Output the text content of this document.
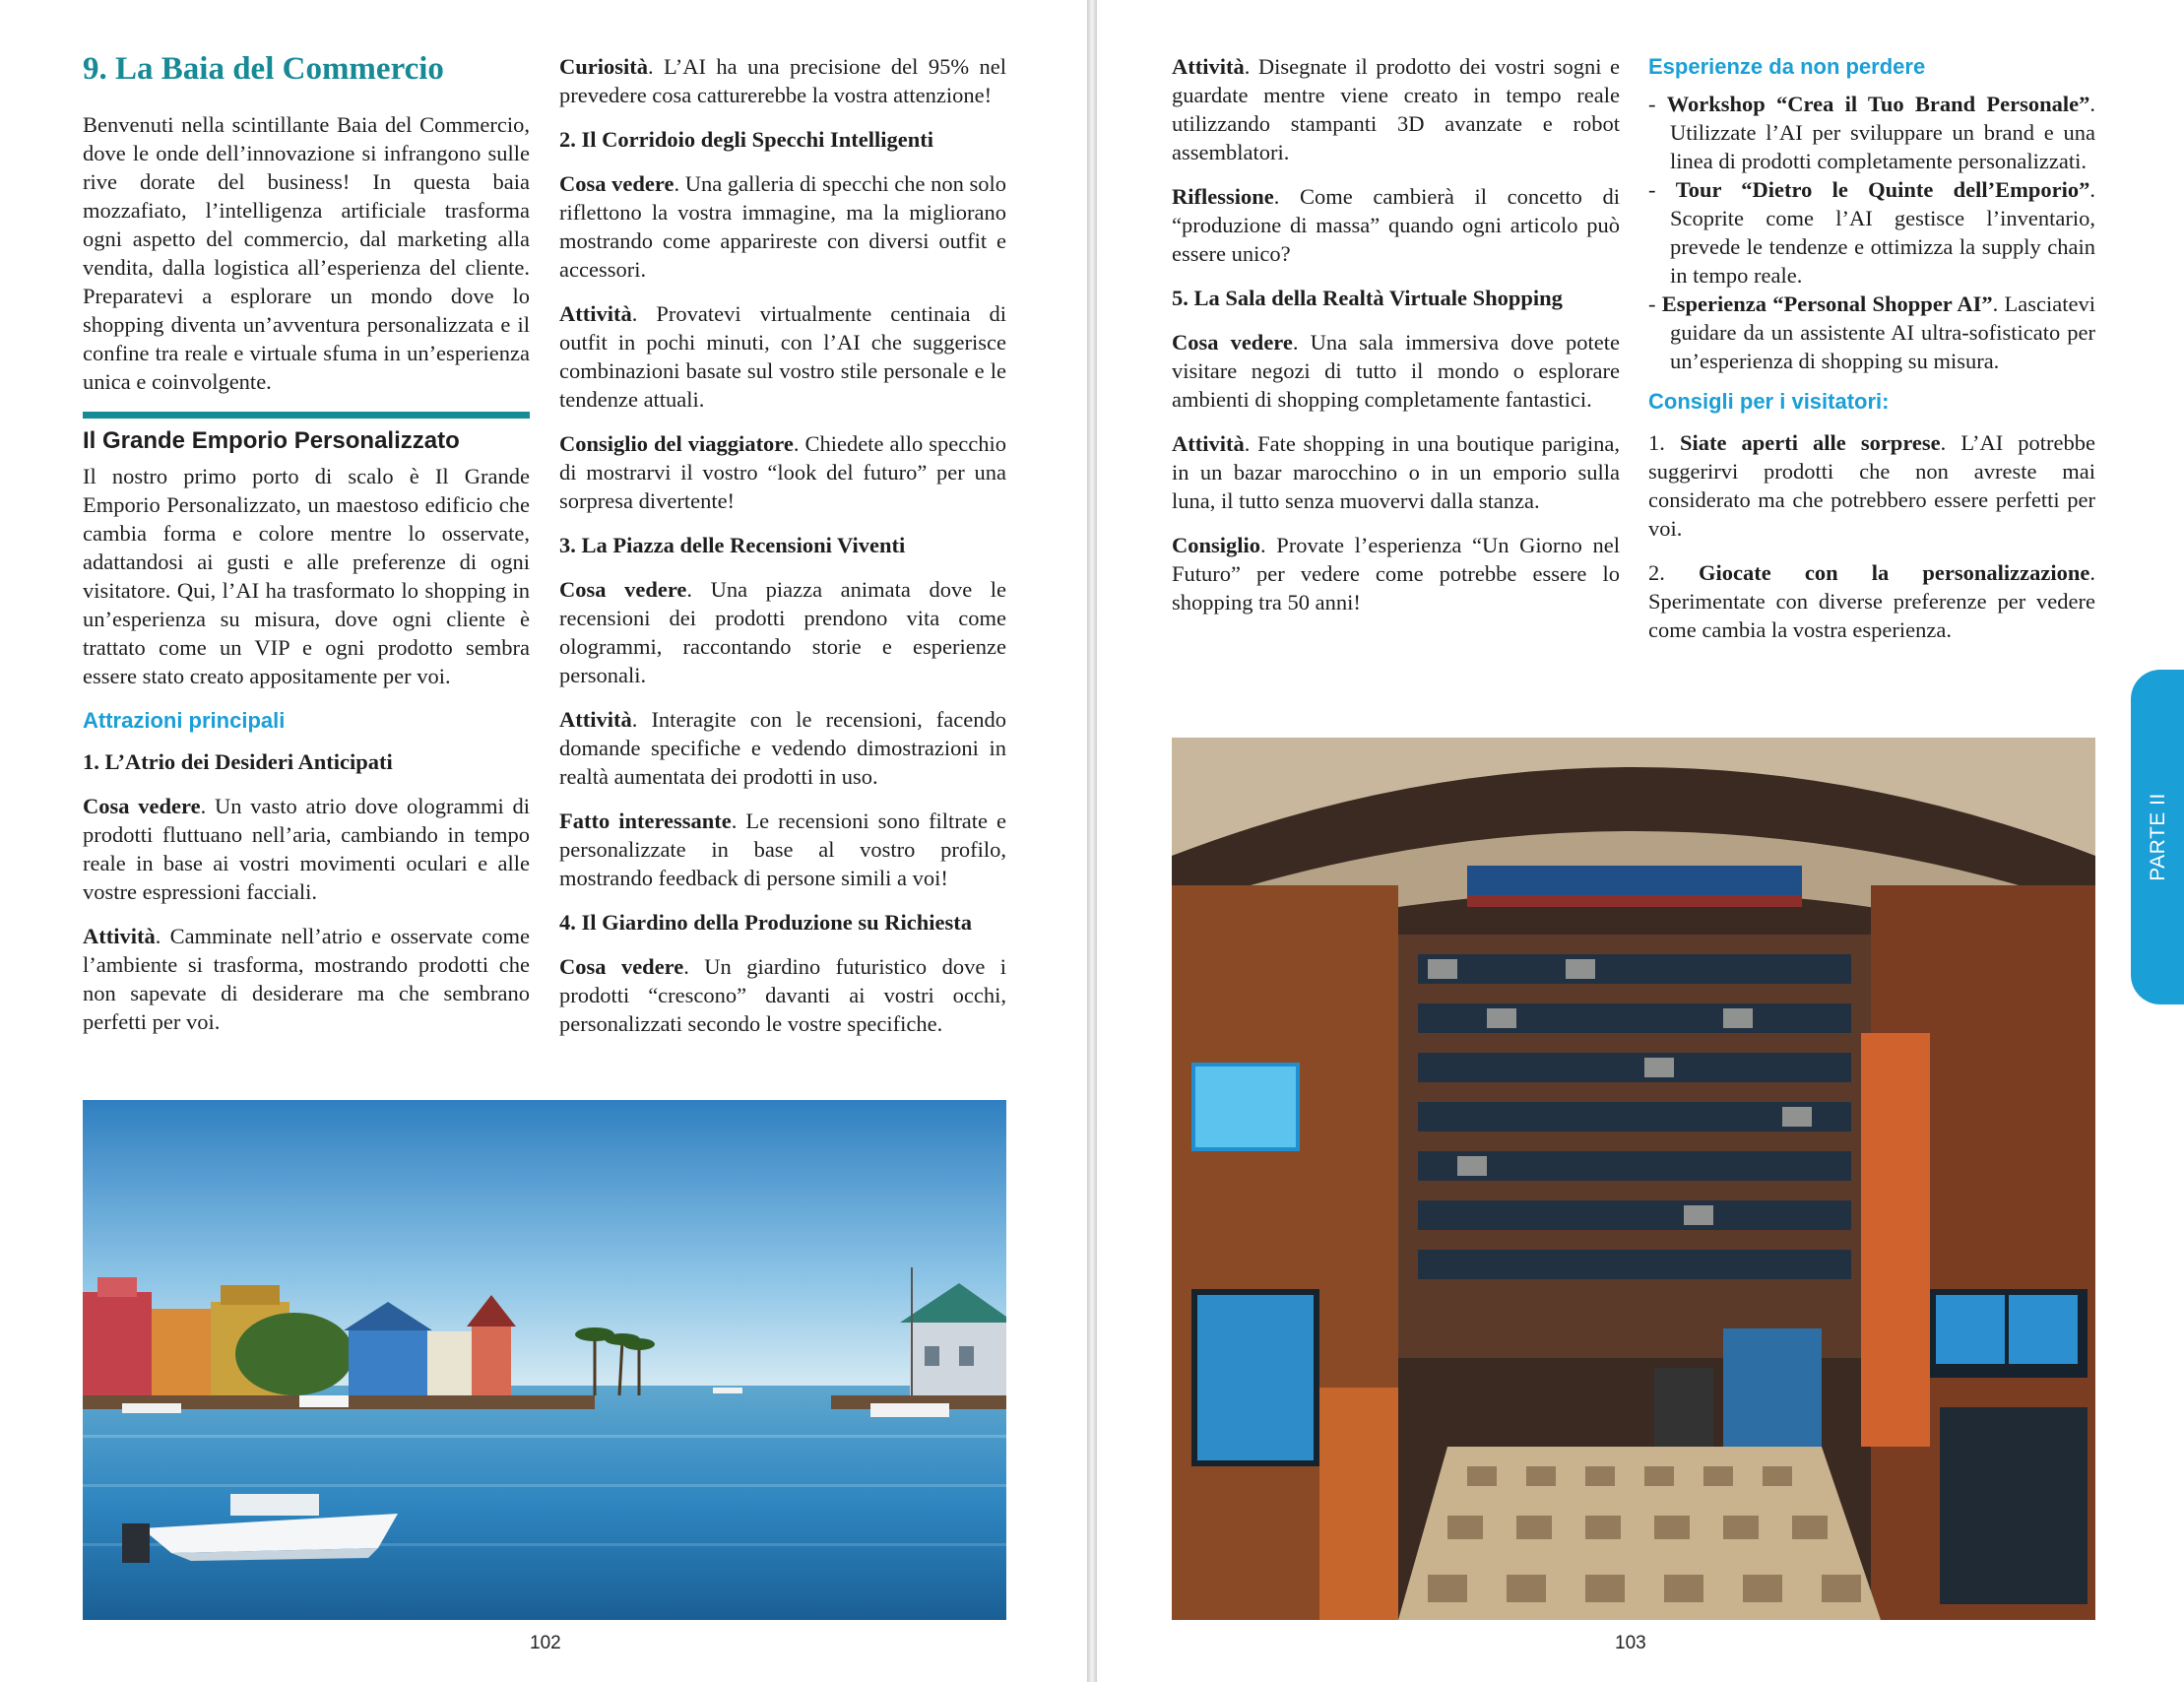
9. La Baia del Commercio

Benvenuti nella scintillante Baia del Commercio, dove le onde dell’innovazione si infrangono sulle rive dorate del business! In questa baia mozzafiato, l’intelligenza artificiale trasforma ogni aspetto del commercio, dal marketing alla vendita, dalla logistica all’esperienza del cliente. Preparatevi a esplorare un mondo dove lo shopping diventa un’avventura personalizzata e il confine tra reale e virtuale sfuma in un’esperienza unica e coinvolgente.

Il Grande Emporio Personalizzato

Il nostro primo porto di scalo è Il Grande Emporio Personalizzato, un maestoso edificio che cambia forma e colore mentre lo osservate, adattandosi ai gusti e alle preferenze di ogni visitatore. Qui, l’AI ha trasformato lo shopping in un’esperienza su misura, dove ogni cliente è trattato come un VIP e ogni prodotto sembra essere stato creato appositamente per voi.

Attrazioni principali

1. L’Atrio dei Desideri Anticipati

Cosa vedere. Un vasto atrio dove ologrammi di prodotti fluttuano nell’aria, cambiando in tempo reale in base ai vostri movimenti oculari e alle vostre espressioni facciali.

Attività. Camminate nell’atrio e osservate come l’ambiente si trasforma, mostrando prodotti che non sapevate di desiderare ma che sembrano perfetti per voi.

Curiosità. L’AI ha una precisione del 95% nel prevedere cosa catturerebbe la vostra attenzione!

2. Il Corridoio degli Specchi Intelligenti

Cosa vedere. Una galleria di specchi che non solo riflettono la vostra immagine, ma la migliorano mostrando come apparireste con diversi outfit e accessori.

Attività. Provatevi virtualmente centinaia di outfit in pochi minuti, con l’AI che suggerisce combinazioni basate sul vostro stile personale e le tendenze attuali.

Consiglio del viaggiatore. Chiedete allo specchio di mostrarvi il vostro “look del futuro” per una sorpresa divertente!

3. La Piazza delle Recensioni Viventi

Cosa vedere. Una piazza animata dove le recensioni dei prodotti prendono vita come ologrammi, raccontando storie e esperienze personali.

Attività. Interagite con le recensioni, facendo domande specifiche e vedendo dimostrazioni in realtà aumentata dei prodotti in uso.

Fatto interessante. Le recensioni sono filtrate e personalizzate in base al vostro profilo, mostrando feedback di persone simili a voi!

4. Il Giardino della Produzione su Richiesta

Cosa vedere. Un giardino futuristico dove i prodotti “crescono” davanti ai vostri occhi, personalizzati secondo le vostre specifiche.

102

Attività. Disegnate il prodotto dei vostri sogni e guardate mentre viene creato in tempo reale utilizzando stampanti 3D avanzate e robot assemblatori.

Riflessione. Come cambierà il concetto di “produzione di massa” quando ogni articolo può essere unico?

5. La Sala della Realtà Virtuale Shopping

Cosa vedere. Una sala immersiva dove potete visitare negozi di tutto il mondo o esplorare ambienti di shopping completamente fantastici.

Attività. Fate shopping in una boutique parigina, in un bazar marocchino o in un emporio sulla luna, il tutto senza muovervi dalla stanza.

Consiglio. Provate l’esperienza “Un Giorno nel Futuro” per vedere come potrebbe essere lo shopping tra 50 anni!

Esperienze da non perdere
- Workshop “Crea il Tuo Brand Personale”. Utilizzate l’AI per sviluppare un brand e una linea di prodotti completamente personalizzati.
- Tour “Dietro le Quinte dell’Emporio”. Scoprite come l’AI gestisce l’inventario, prevede le tendenze e ottimizza la supply chain in tempo reale.
- Esperienza “Personal Shopper AI”. Lasciatevi guidare da un assistente AI ultra-sofisticato per un’esperienza di shopping su misura.
Consigli per i visitatori:

1. Siate aperti alle sorprese. L’AI potrebbe suggerirvi prodotti che non avreste mai considerato ma che potrebbero essere perfetti per voi.

2. Giocate con la personalizzazione. Sperimentate con diverse preferenze per vedere come cambia la vostra esperienza.

PARTE II
103
